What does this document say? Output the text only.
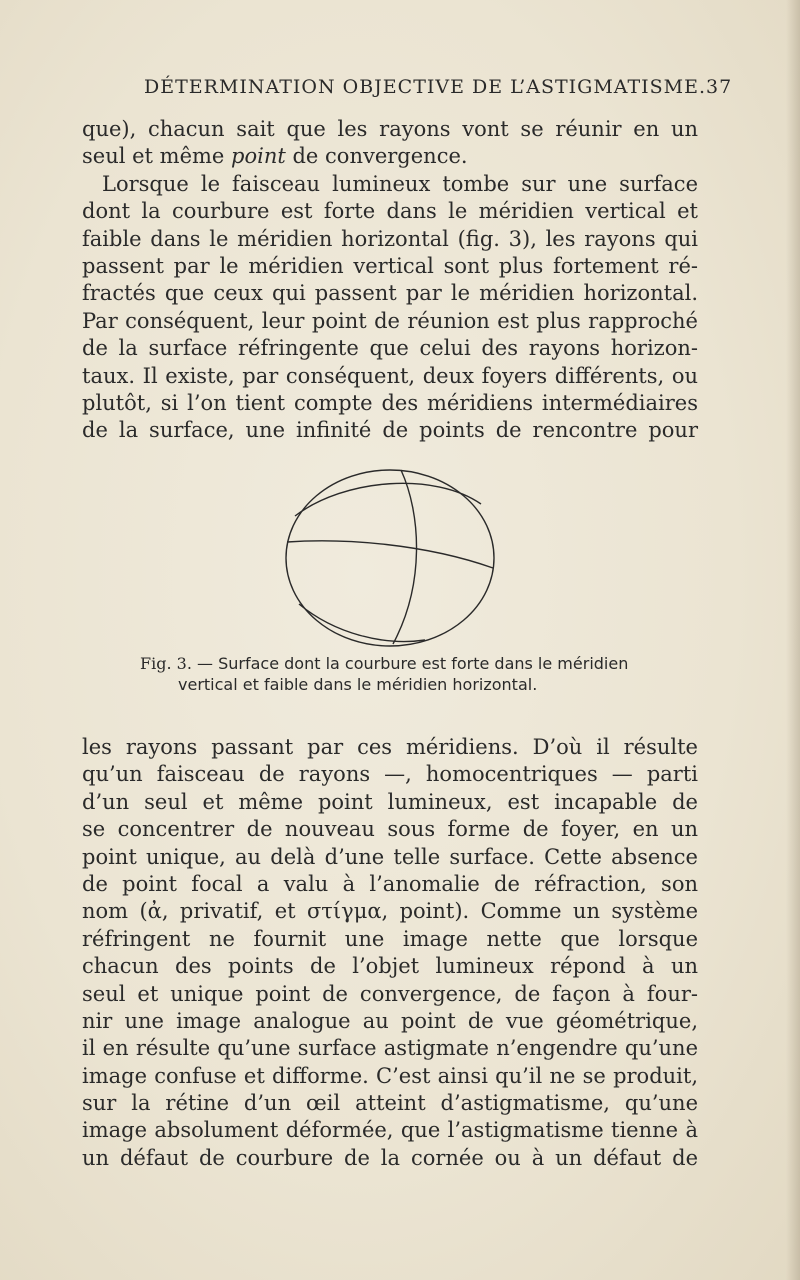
DÉTERMINATION OBJECTIVE DE L’ASTIGMATISME. 37
que), chacun sait que les rayons vont se réunir en un
seul et même point de convergence.
Lorsque le faisceau lumineux tombe sur une surface
dont la courbure est forte dans le méridien vertical et
faible dans le méridien horizontal (fig. 3), les rayons qui
passent par le méridien vertical sont plus fortement ré-
fractés que ceux qui passent par le méridien horizontal.
Par conséquent, leur point de réunion est plus rapproché
de la surface réfringente que celui des rayons horizon-
taux. Il existe, par conséquent, deux foyers différents, ou
plutôt, si l’on tient compte des méridiens intermédiaires
de la surface, une infinité de points de rencontre pour
Fig. 3. — Surface dont la courbure est forte dans le méridien
vertical et faible dans le méridien horizontal.
les rayons passant par ces méridiens. D’où il résulte
qu’un faisceau de rayons —, homocentriques — parti
d’un seul et même point lumineux, est incapable de
se concentrer de nouveau sous forme de foyer, en un
point unique, au delà d’une telle surface. Cette absence
de point focal a valu à l’anomalie de réfraction, son
nom (ἀ, privatif, et στίγμα, point). Comme un système
réfringent ne fournit une image nette que lorsque
chacun des points de l’objet lumineux répond à un
seul et unique point de convergence, de façon à four-
nir une image analogue au point de vue géométrique,
il en résulte qu’une surface astigmate n’engendre qu’une
image confuse et difforme. C’est ainsi qu’il ne se produit,
sur la rétine d’un œil atteint d’astigmatisme, qu’une
image absolument déformée, que l’astigmatisme tienne à
un défaut de courbure de la cornée ou à un défaut de
